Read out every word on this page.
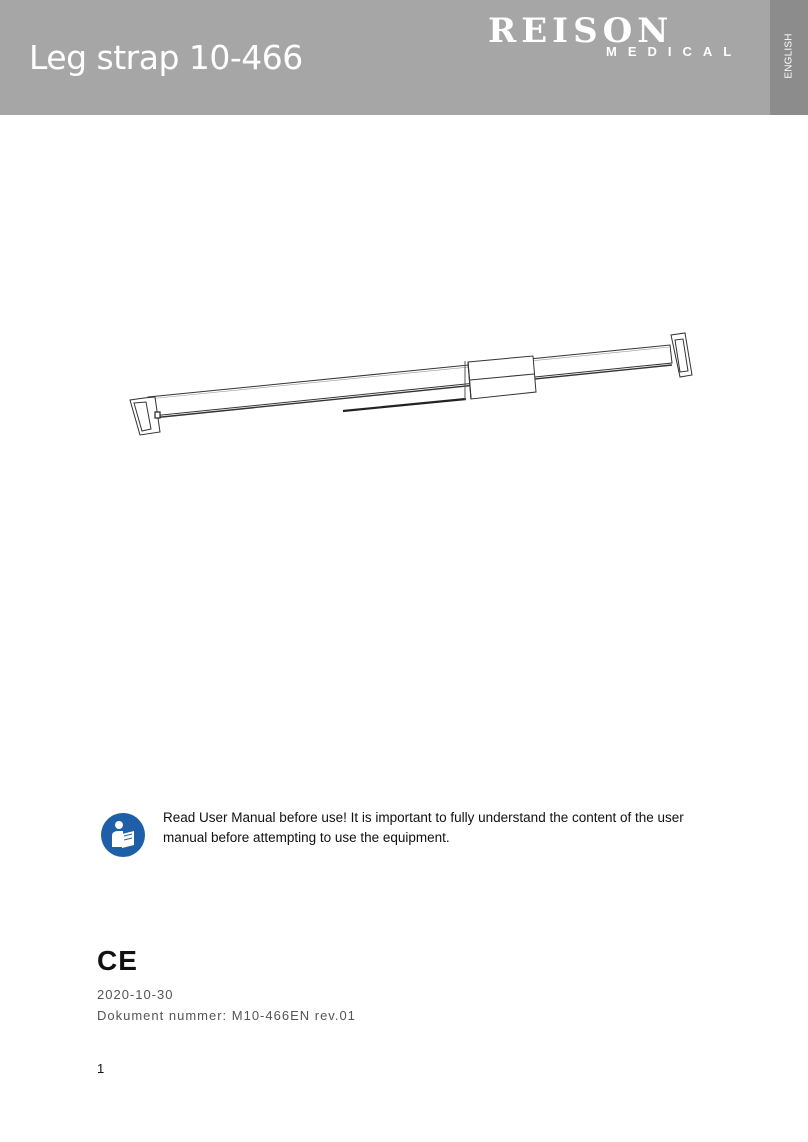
Leg strap 10-466
REISON
MEDICAL	ENGLISH
Read User Manual before use! It is important to fully understand the content of the user manual before attempting to use the equipment.
CE
2020-10-30
Dokument nummer: M10-466EN rev.01
1
